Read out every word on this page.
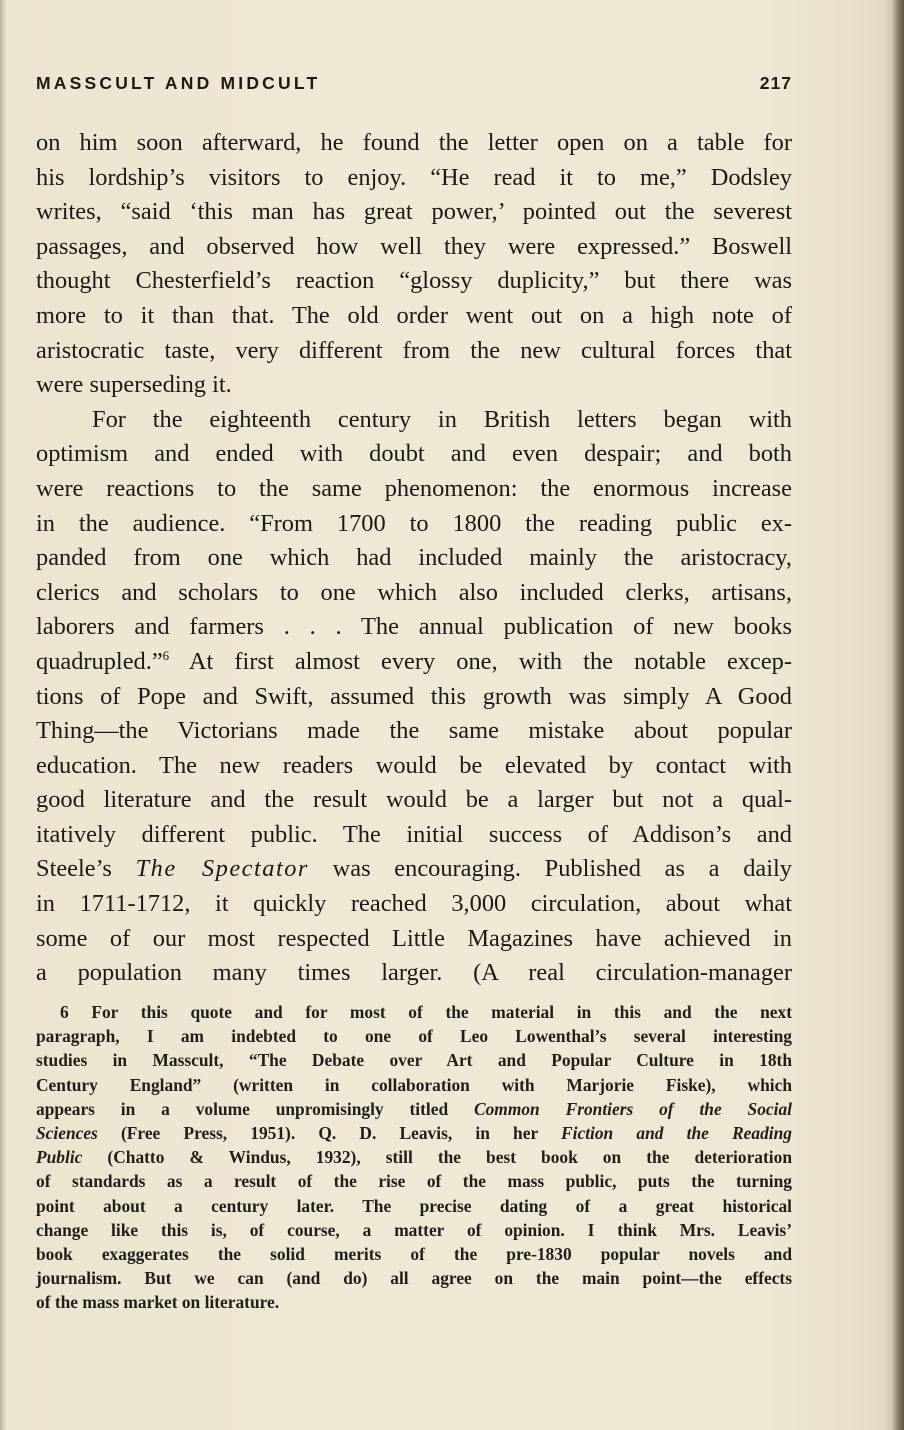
MASSCULT AND MIDCULT	217

on him soon afterward, he found the letter open on a table for
his lordship’s visitors to enjoy. “He read it to me,” Dodsley
writes, “said ‘this man has great power,’ pointed out the severest
passages, and observed how well they were expressed.” Boswell
thought Chesterfield’s reaction “glossy duplicity,” but there was
more to it than that. The old order went out on a high note of
aristocratic taste, very different from the new cultural forces that
were superseding it.

For the eighteenth century in British letters began with
optimism and ended with doubt and even despair; and both
were reactions to the same phenomenon: the enormous increase
in the audience. “From 1700 to 1800 the reading public ex-
panded from one which had included mainly the aristocracy,
clerics and scholars to one which also included clerks, artisans,
laborers and farmers . . . The annual publication of new books
quadrupled.”$^6$ At first almost every one, with the notable excep-
tions of Pope and Swift, assumed this growth was simply A Good
Thing—the Victorians made the same mistake about popular
education. The new readers would be elevated by contact with
good literature and the result would be a larger but not a qual-
itatively different public. The initial success of Addison’s and
Steele’s The Spectator was encouraging. Published as a daily
in 1711-1712, it quickly reached 3,000 circulation, about what
some of our most respected Little Magazines have achieved in
a population many times larger. (A real circulation-manager

6 For this quote and for most of the material in this and the next
paragraph, I am indebted to one of Leo Lowenthal’s several interesting
studies in Masscult, “The Debate over Art and Popular Culture in 18th
Century England” (written in collaboration with Marjorie Fiske), which
appears in a volume unpromisingly titled Common Frontiers of the Social
Sciences (Free Press, 1951). Q. D. Leavis, in her Fiction and the Reading
Public (Chatto & Windus, 1932), still the best book on the deterioration
of standards as a result of the rise of the mass public, puts the turning
point about a century later. The precise dating of a great historical
change like this is, of course, a matter of opinion. I think Mrs. Leavis’
book exaggerates the solid merits of the pre-1830 popular novels and
journalism. But we can (and do) all agree on the main point—the effects
of the mass market on literature.
